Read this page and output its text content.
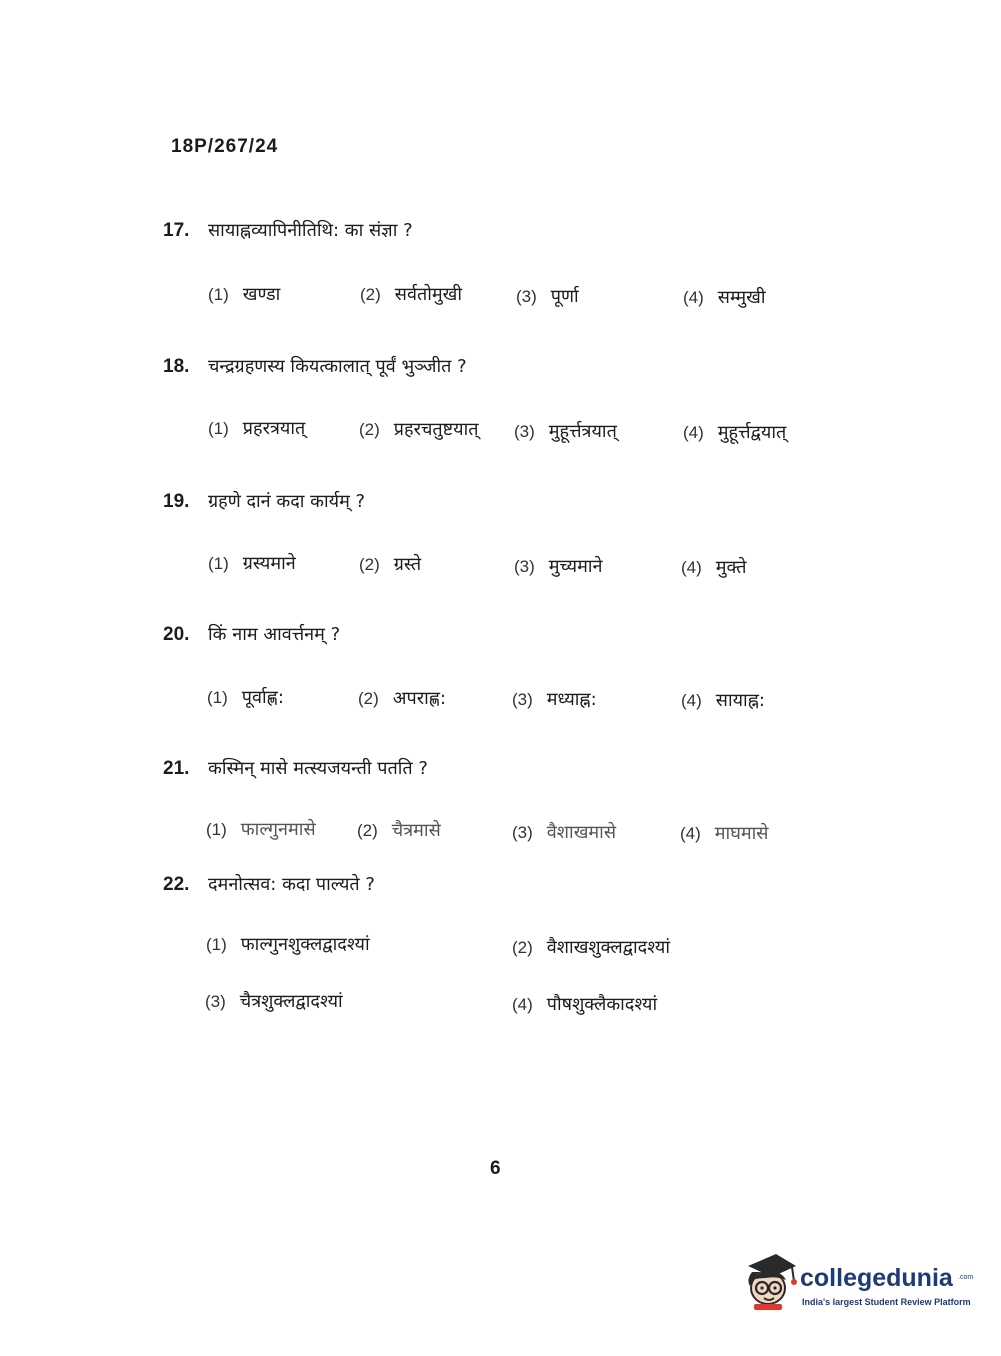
18P/267/24
17. सायाह्नव्यापिनीतिथि: का संज्ञा ?
(1) खण्डा	(2) सर्वतोमुखी	(3) पूर्णा	(4) सम्मुखी
18. चन्द्रग्रहणस्य कियत्कालात् पूर्वं भुञ्जीत ?
(1) प्रहरत्रयात्	(2) प्रहरचतुष्टयात् (3) मुहूर्त्तत्रयात्	(4) मुहूर्त्तद्वयात्
19. ग्रहणे दानं कदा कार्यम् ?
(1) ग्रस्यमाने	(2) ग्रस्ते	(3) मुच्यमाने	(4) मुक्ते
20. किं नाम आवर्त्तनम् ?
(1) पूर्वाह्ण:	(2) अपराह्ण:	(3) मध्याह्न:	(4) सायाह्न:
21. कस्मिन् मासे मत्स्यजयन्ती पतति ?
(1) फाल्गुनमासे (2) चैत्रमासे	(3) वैशाखमासे	(4) माघमासे
22. दमनोत्सव: कदा पाल्यते ?
(1) फाल्गुनशुक्लद्वादश्यां	(2) वैशाखशुक्लद्वादश्यां
(3) चैत्रशुक्लद्वादश्यां	(4) पौषशुक्लैकादश्यां
6
collegedunia .com
India's largest Student Review Platform
